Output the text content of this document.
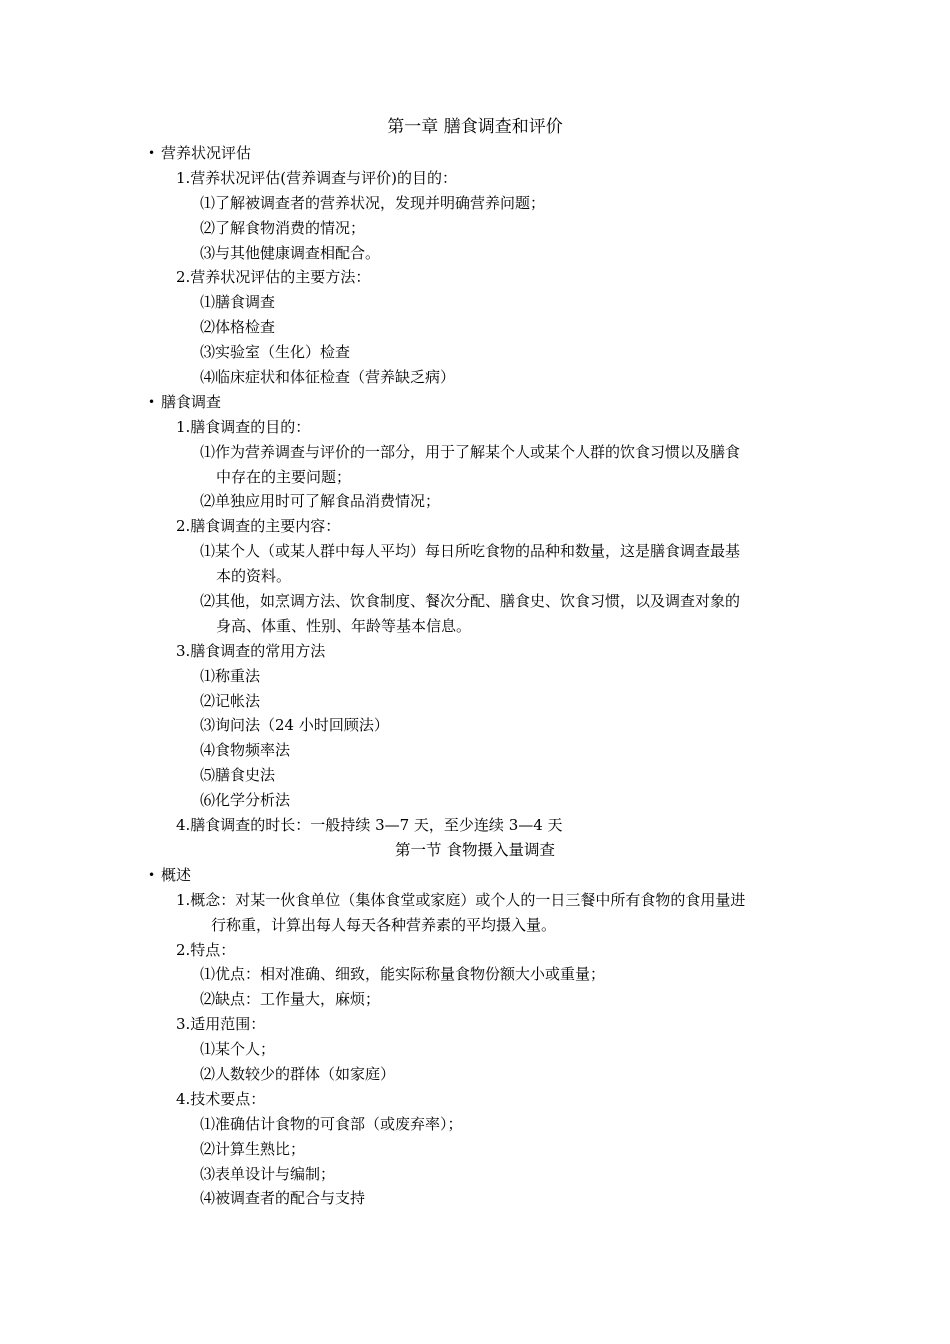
第一章 膳食调查和评价
• 营养状况评估
1.营养状况评估(营养调查与评价)的目的：
⑴了解被调查者的营养状况，发现并明确营养问题；
⑵了解食物消费的情况；
⑶与其他健康调查相配合。
2.营养状况评估的主要方法：
⑴膳食调查
⑵体格检查
⑶实验室（生化）检查
⑷临床症状和体征检查（营养缺乏病）
• 膳食调查
1.膳食调查的目的：
⑴作为营养调查与评价的一部分，用于了解某个人或某个人群的饮食习惯以及膳食
中存在的主要问题；
⑵单独应用时可了解食品消费情况；
2.膳食调查的主要内容：
⑴某个人（或某人群中每人平均）每日所吃食物的品种和数量，这是膳食调查最基
本的资料。
⑵其他，如烹调方法、饮食制度、餐次分配、膳食史、饮食习惯，以及调查对象的
身高、体重、性别、年龄等基本信息。
3.膳食调查的常用方法
⑴称重法
⑵记帐法
⑶询问法（24 小时回顾法）
⑷食物频率法
⑸膳食史法
⑹化学分析法
4.膳食调查的时长：一般持续 3—7 天，至少连续 3—4 天
第一节 食物摄入量调查
• 概述
1.概念：对某一伙食单位（集体食堂或家庭）或个人的一日三餐中所有食物的食用量进
行称重，计算出每人每天各种营养素的平均摄入量。
2.特点：
⑴优点：相对准确、细致，能实际称量食物份额大小或重量；
⑵缺点：工作量大，麻烦；
3.适用范围：
⑴某个人；
⑵人数较少的群体（如家庭）
4.技术要点：
⑴准确估计食物的可食部（或废弃率）；
⑵计算生熟比；
⑶表单设计与编制；
⑷被调查者的配合与支持
